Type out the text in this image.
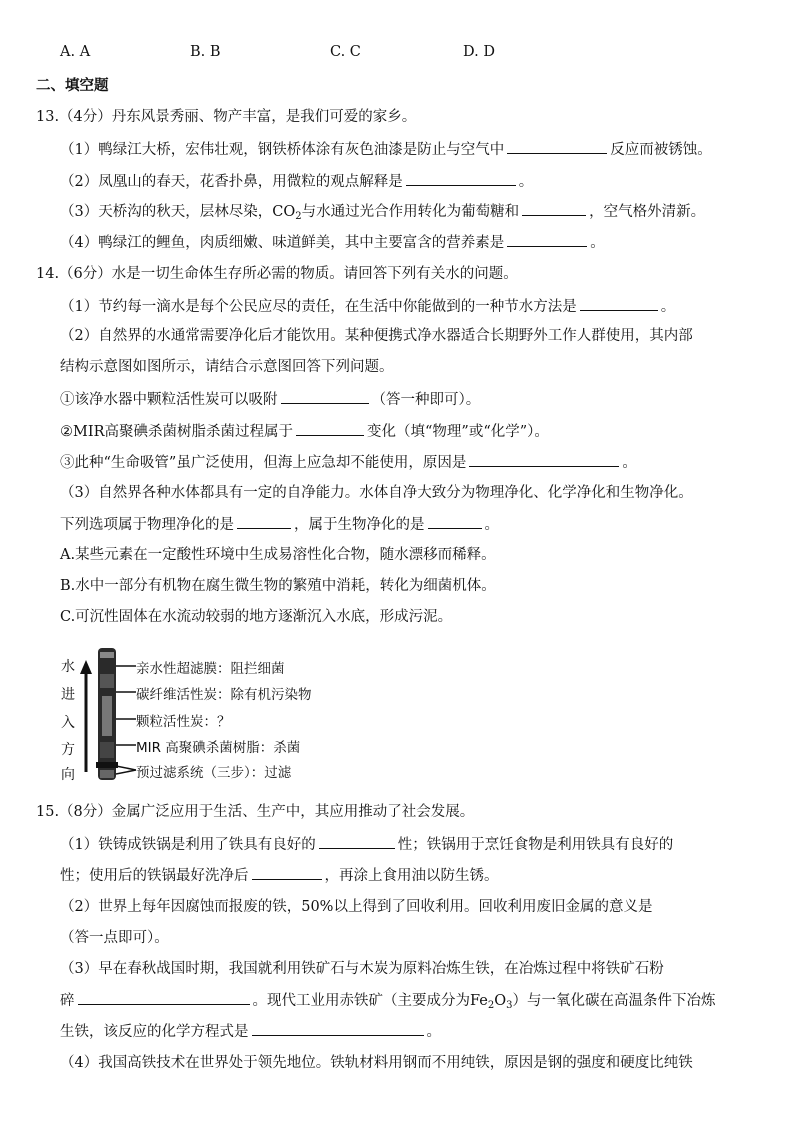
A. A	B. B	C. C	D. D
二、填空题
13.（4分）丹东风景秀丽、物产丰富，是我们可爱的家乡。
（1）鸭绿江大桥，宏伟壮观，钢铁桥体涂有灰色油漆是防止与空气中	反应而被锈蚀。
（2）凤凰山的春天，花香扑鼻，用微粒的观点解释是	。
（3）天桥沟的秋天，层林尽染，$CO_2$与水通过光合作用转化为葡萄糖和	，空气格外清新。
（4）鸭绿江的鲤鱼，肉质细嫩、味道鲜美，其中主要富含的营养素是	。
14.（6分）水是一切生命体生存所必需的物质。请回答下列有关水的问题。
（1）节约每一滴水是每个公民应尽的责任，在生活中你能做到的一种节水方法是	。
（2）自然界的水通常需要净化后才能饮用。某种便携式净水器适合长期野外工作人群使用，其内部
结构示意图如图所示，请结合示意图回答下列问题。
①该净水器中颗粒活性炭可以吸附	（答一种即可）。
②MIR高聚碘杀菌树脂杀菌过程属于	变化（填“物理”或“化学”）。
③此种“生命吸管”虽广泛使用，但海上应急却不能使用，原因是	。
（3）自然界各种水体都具有一定的自净能力。水体自净大致分为物理净化、化学净化和生物净化。
下列选项属于物理净化的是	，属于生物净化的是	。
A.某些元素在一定酸性环境中生成易溶性化合物，随水漂移而稀释。
B.水中一部分有机物在腐生微生物的繁殖中消耗，转化为细菌机体。
C.可沉性固体在水流动较弱的地方逐渐沉入水底，形成污泥。
水
进
入
方
向
亲水性超滤膜：阻拦细菌
碳纤维活性炭：除有机污染物
颗粒活性炭：？
MIR 高聚碘杀菌树脂：杀菌
预过滤系统（三步）：过滤
15.（8分）金属广泛应用于生活、生产中，其应用推动了社会发展。
（1）铁铸成铁锅是利用了铁具有良好的	性；铁锅用于烹饪食物是利用铁具有良好的
性；使用后的铁锅最好洗净后	，再涂上食用油以防生锈。
（2）世界上每年因腐蚀而报废的铁，50%以上得到了回收利用。回收利用废旧金属的意义是
（答一点即可）。
（3）早在春秋战国时期，我国就利用铁矿石与木炭为原料冶炼生铁，在冶炼过程中将铁矿石粉
碎	。现代工业用赤铁矿（主要成分为$Fe_2O_3$）与一氧化碳在高温条件下冶炼
生铁，该反应的化学方程式是	。
（4）我国高铁技术在世界处于领先地位。铁轨材料用钢而不用纯铁，原因是钢的强度和硬度比纯铁
